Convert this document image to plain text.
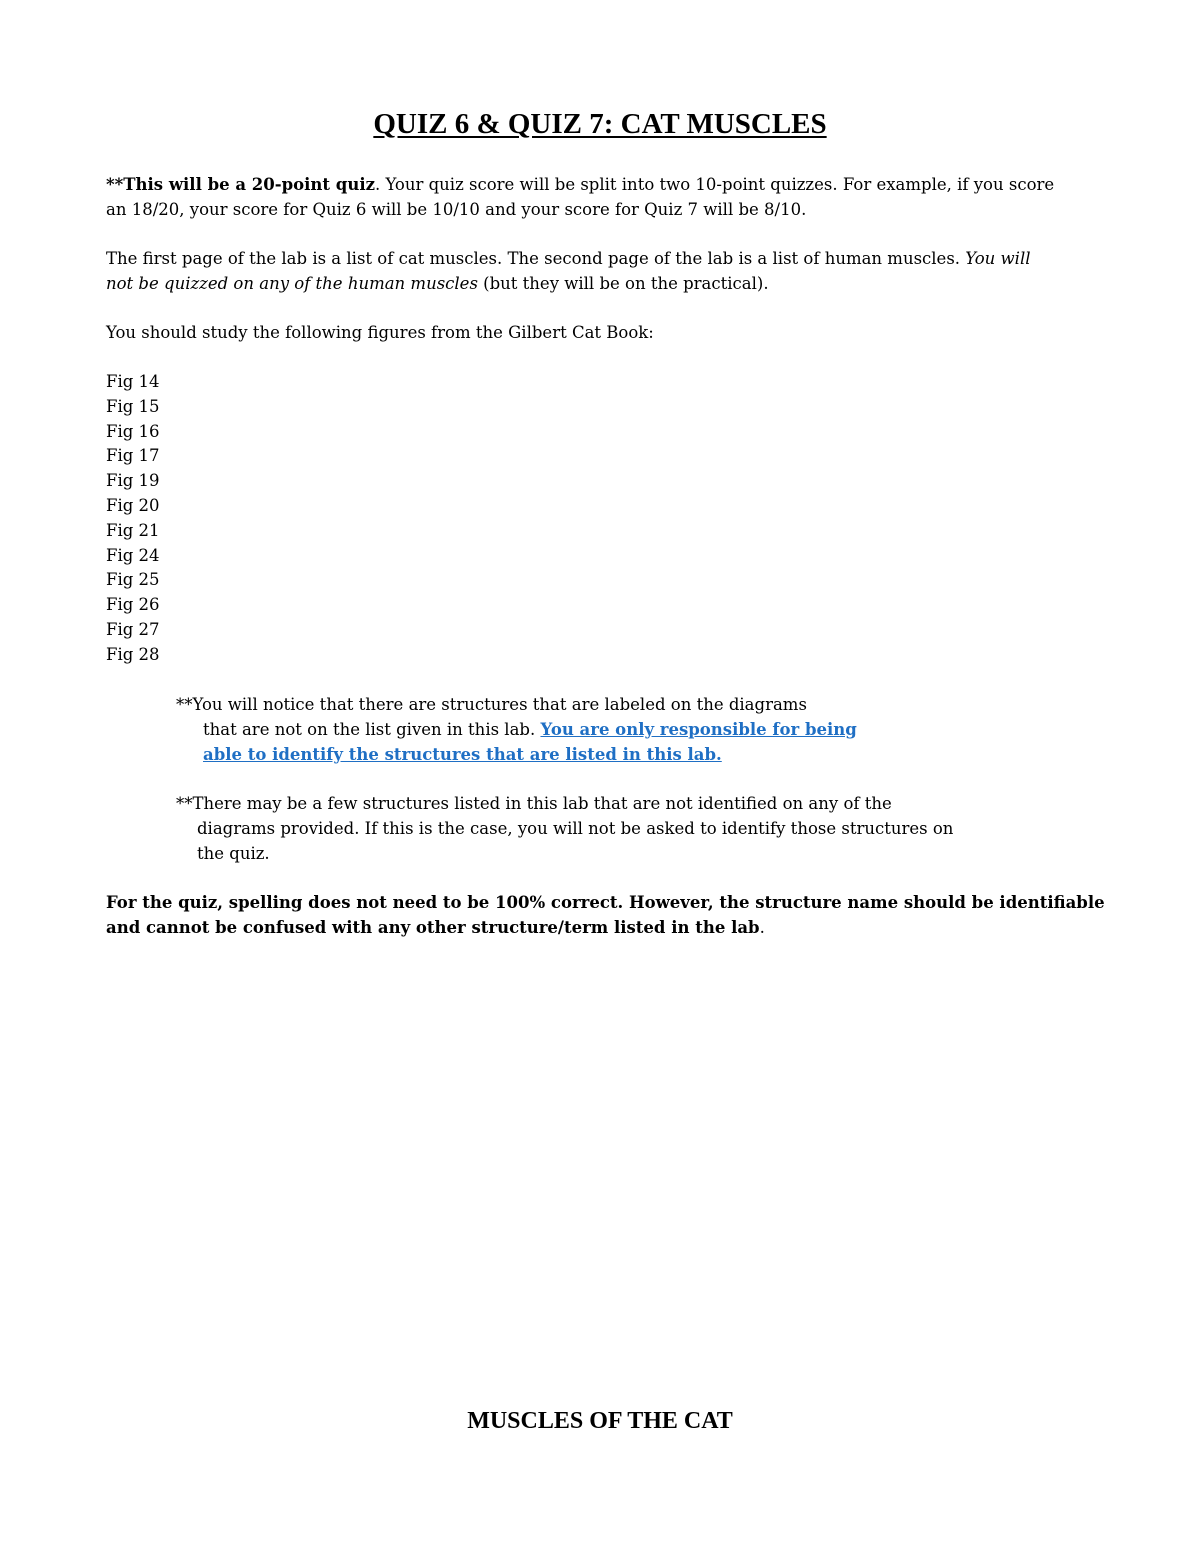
QUIZ 6 & QUIZ 7: CAT MUSCLES
**This will be a 20-point quiz. Your quiz score will be split into two 10-point quizzes. For example, if you score
an 18/20, your score for Quiz 6 will be 10/10 and your score for Quiz 7 will be 8/10.
The first page of the lab is a list of cat muscles. The second page of the lab is a list of human muscles. You will
not be quizzed on any of the human muscles (but they will be on the practical).
You should study the following figures from the Gilbert Cat Book:
Fig 14
Fig 15
Fig 16
Fig 17
Fig 19
Fig 20
Fig 21
Fig 24
Fig 25
Fig 26
Fig 27
Fig 28
**You will notice that there are structures that are labeled on the diagrams
that are not on the list given in this lab. You are only responsible for being
able to identify the structures that are listed in this lab.
**There may be a few structures listed in this lab that are not identified on any of the
diagrams provided. If this is the case, you will not be asked to identify those structures on
the quiz.
For the quiz, spelling does not need to be 100% correct. However, the structure name should be identifiable
and cannot be confused with any other structure/term listed in the lab.
MUSCLES OF THE CAT
